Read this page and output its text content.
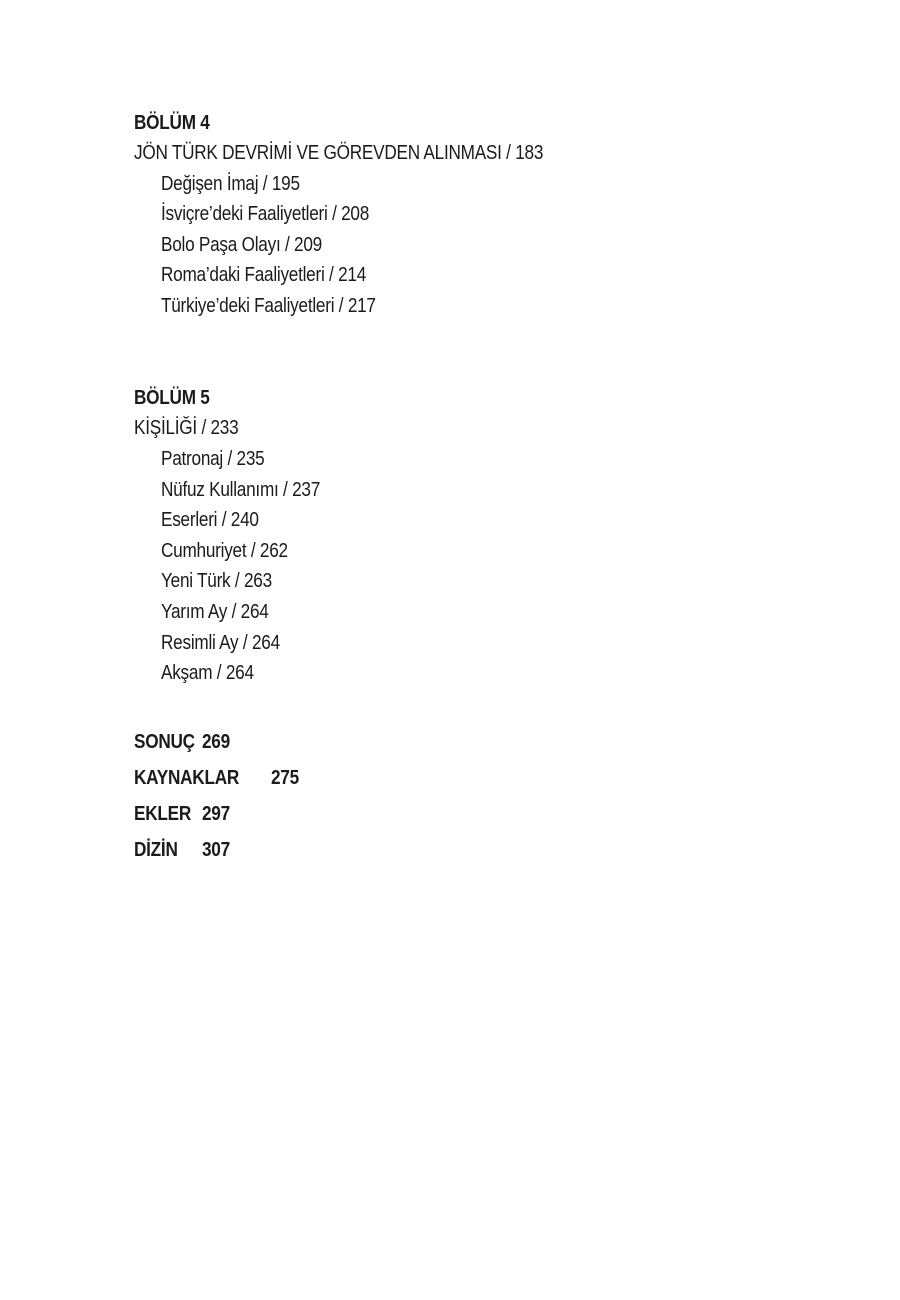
BÖLÜM 4
JÖN TÜRK DEVRİMİ VE GÖREVDEN ALINMASI / 183
Değişen İmaj / 195
İsviçre’deki Faaliyetleri / 208
Bolo Paşa Olayı / 209
Roma’daki Faaliyetleri / 214
Türkiye’deki Faaliyetleri / 217
BÖLÜM 5
KİŞİLİĞİ / 233
Patronaj / 235
Nüfuz Kullanımı / 237
Eserleri / 240
Cumhuriyet / 262
Yeni Türk / 263
Yarım Ay / 264
Resimli Ay / 264
Akşam / 264
SONUÇ 269
KAYNAKLAR	275
EKLER 297
DİZİN	307
